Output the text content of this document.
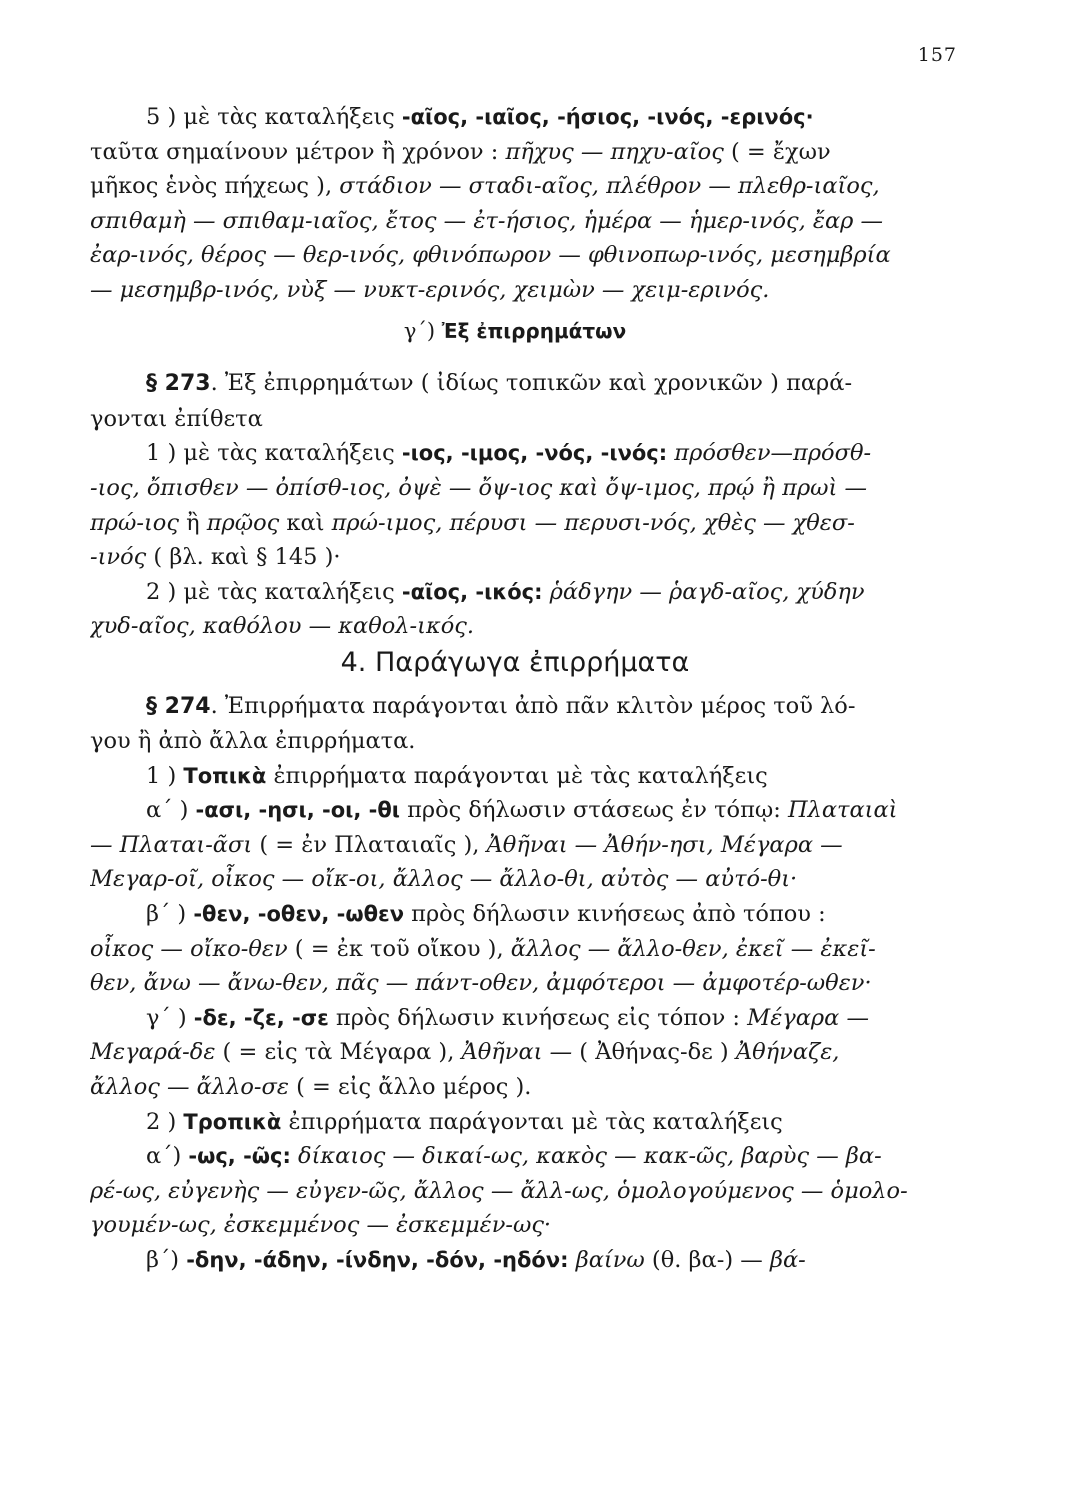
157
5 ) μὲ τὰς καταλήξεις -αῖος, -ιαῖος, -ήσιος, -ινός, -ερινός·
ταῦτα σημαίνουν μέτρον ἢ χρόνον : πῆχυς — πηχυ-αῖος ( = ἔχων
μῆκος ἑνὸς πήχεως ), στάδιον — σταδι-αῖος, πλέθρον — πλεθρ-ιαῖος,
σπιθαμὴ — σπιθαμ-ιαῖος, ἔτος — ἐτ-ήσιος, ἡμέρα — ἡμερ-ινός, ἔαρ —
ἐαρ-ινός, θέρος — θερ-ινός, φθινόπωρον — φθινοπωρ-ινός, μεσημβρία
— μεσημβρ-ινός, νὺξ — νυκτ-ερινός, χειμὼν — χειμ-ερινός.
γ΄) Ἐξ ἐπιρρημάτων
§ 273. Ἐξ ἐπιρρημάτων ( ἰδίως τοπικῶν καὶ χρονικῶν ) παρά-
γονται ἐπίθετα
1 ) μὲ τὰς καταλήξεις -ιος, -ιμος, -νός, -ινός: πρόσθεν—πρόσθ-
-ιος, ὄπισθεν — ὀπίσθ-ιος, ὀψὲ — ὄψ-ιος καὶ ὄψ-ιμος, πρῴ ἢ πρωὶ —
πρώ-ιος ἢ πρῷος καὶ πρώ-ιμος, πέρυσι — περυσι-νός, χθὲς — χθεσ-
-ινός ( βλ. καὶ § 145 )·
2 ) μὲ τὰς καταλήξεις -αῖος, -ικός: ῥάδγην — ῥαγδ-αῖος, χύδην
χυδ-αῖος, καθόλου — καθολ-ικός.
4. Παράγωγα ἐπιρρήματα
§ 274. Ἐπιρρήματα παράγονται ἀπὸ πᾶν κλιτὸν μέρος τοῦ λό-
γου ἢ ἀπὸ ἄλλα ἐπιρρήματα.
1 ) Τοπικὰ ἐπιρρήματα παράγονται μὲ τὰς καταλήξεις
α΄ ) -ασι, -ησι, -οι, -θι πρὸς δήλωσιν στάσεως ἐν τόπῳ: Πλαταιαὶ
— Πλαται-ᾶσι ( = ἐν Πλαταιαῖς ), Ἀθῆναι — Ἀθήν-ησι, Μέγαρα —
Μεγαρ-οῖ, οἶκος — οἴκ-οι, ἄλλος — ἄλλο-θι, αὐτὸς — αὐτό-θι·
β΄ ) -θεν, -οθεν, -ωθεν πρὸς δήλωσιν κινήσεως ἀπὸ τόπου :
οἶκος — οἴκο-θεν ( = ἐκ τοῦ οἴκου ), ἄλλος — ἄλλο-θεν, ἐκεῖ — ἐκεῖ-
θεν, ἄνω — ἄνω-θεν, πᾶς — πάντ-οθεν, ἀμφότεροι — ἀμφοτέρ-ωθεν·
γ΄ ) -δε, -ζε, -σε πρὸς δήλωσιν κινήσεως εἰς τόπον : Μέγαρα —
Μεγαρά-δε ( = εἰς τὰ Μέγαρα ), Ἀθῆναι — ( Ἀθήνας-δε ) Ἀθήναζε,
ἄλλος — ἄλλο-σε ( = εἰς ἄλλο μέρος ).
2 ) Τροπικὰ ἐπιρρήματα παράγονται μὲ τὰς καταλήξεις
α΄) -ως, -ῶς: δίκαιος — δικαί-ως, κακὸς — κακ-ῶς, βαρὺς — βα-
ρέ-ως, εὐγενὴς — εὐγεν-ῶς, ἄλλος — ἄλλ-ως, ὁμολογούμενος — ὁμολο-
γουμέν-ως, ἐσκεμμένος — ἐσκεμμέν-ως·
β΄) -δην, -άδην, -ίνδην, -δόν, -ηδόν: βαίνω (θ. βα-) — βά-
